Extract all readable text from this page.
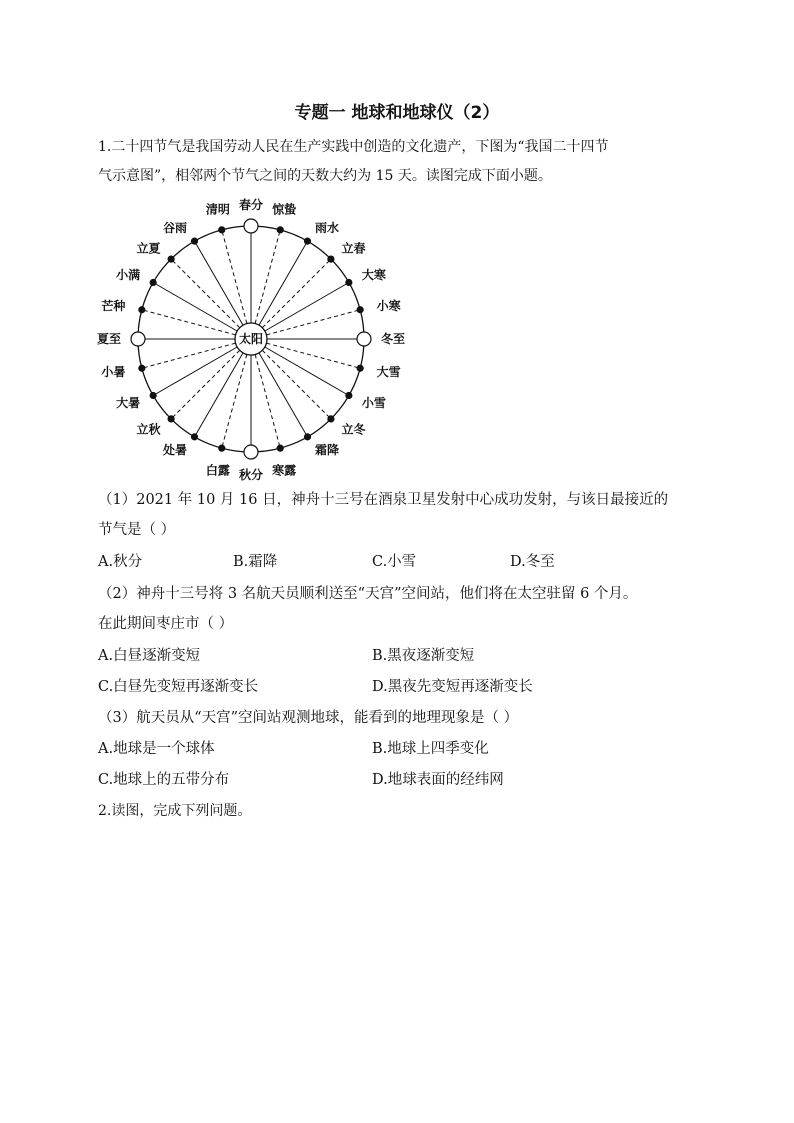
专题一 地球和地球仪（2）
1.二十四节气是我国劳动人民在生产实践中创造的文化遗产，下图为“我国二十四节
气示意图”，相邻两个节气之间的天数大约为 15 天。读图完成下面小题。
太阳	冬至
小寒
大寒
立春
雨水
惊蛰
春分
清明
谷雨
立夏
小满
芒种
夏至
小暑
大暑
立秋
处暑
白露 秋分 寒露
霜降
立冬
小雪
大雪
（1）2021 年 10 月 16 日，神舟十三号在酒泉卫星发射中心成功发射，与该日最接近的
节气是（ ）
A.秋分	B.霜降	C.小雪	D.冬至
（2）神舟十三号将 3 名航天员顺利送至“天宫”空间站，他们将在太空驻留 6 个月。
在此期间枣庄市（ ）
A.白昼逐渐变短	B.黑夜逐渐变短
C.白昼先变短再逐渐变长	D.黑夜先变短再逐渐变长
（3）航天员从“天宫”空间站观测地球，能看到的地理现象是（ ）
A.地球是一个球体	B.地球上四季变化
C.地球上的五带分布	D.地球表面的经纬网
2.读图，完成下列问题。
